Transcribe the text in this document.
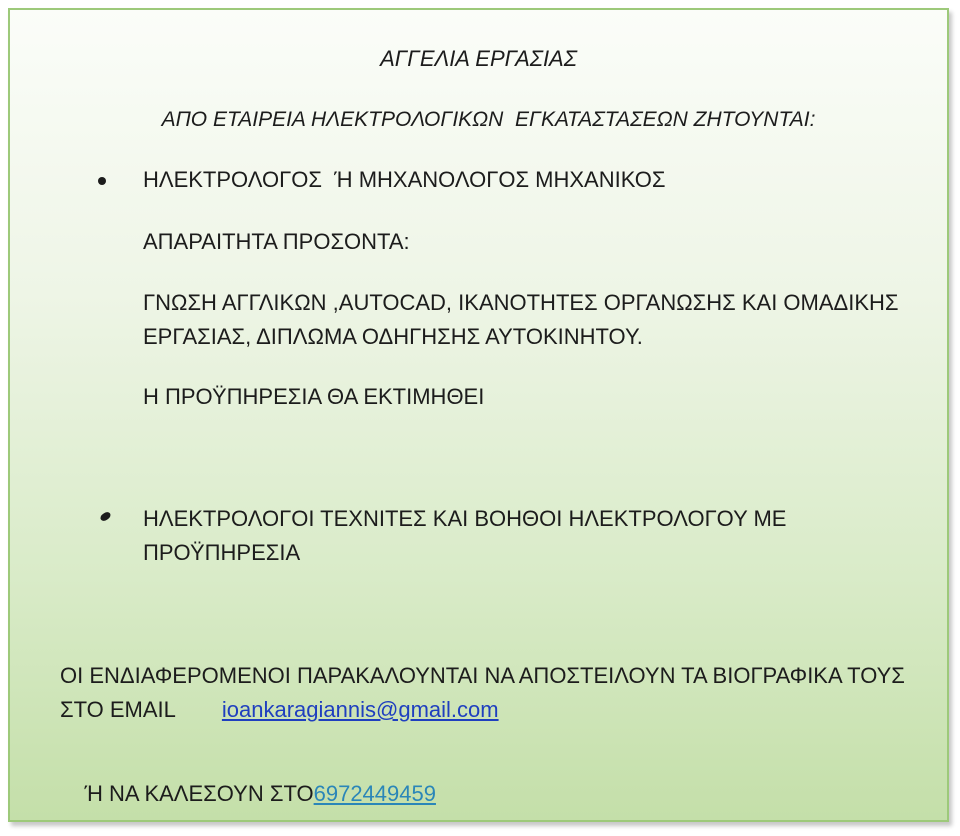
ΑΓΓΕΛΙΑ ΕΡΓΑΣΙΑΣ
ΑΠΟ ΕΤΑΙΡΕΙΑ ΗΛΕΚΤΡΟΛΟΓΙΚΩΝ  ΕΓΚΑΤΑΣΤΑΣΕΩΝ ΖΗΤΟΥΝΤΑΙ:
ΗΛΕΚΤΡΟΛΟΓΟΣ  Ή ΜΗΧΑΝΟΛΟΓΟΣ ΜΗΧΑΝΙΚΟΣ
ΑΠΑΡΑΙΤΗΤΑ ΠΡΟΣΟΝΤΑ:
ΓΝΩΣΗ ΑΓΓΛΙΚΩΝ ,AUTOCAD, ΙΚΑΝΟΤΗΤΕΣ ΟΡΓΑΝΩΣΗΣ ΚΑΙ ΟΜΑΔΙΚΗΣ ΕΡΓΑΣΙΑΣ, ΔΙΠΛΩΜΑ ΟΔΗΓΗΣΗΣ ΑΥΤΟΚΙΝΗΤΟΥ.
Η ΠΡΟΫΠΗΡΕΣΙΑ ΘΑ ΕΚΤΙΜΗΘΕΙ
ΗΛΕΚΤΡΟΛΟΓΟΙ ΤΕΧΝΙΤΕΣ ΚΑΙ ΒΟΗΘΟΙ ΗΛΕΚΤΡΟΛΟΓΟΥ ΜΕ ΠΡΟΫΠΗΡΕΣΙΑ
ΟΙ ΕΝΔΙΑΦΕΡΟΜΕΝΟΙ ΠΑΡΑΚΑΛΟΥΝΤΑΙ ΝΑ ΑΠΟΣΤΕΙΛΟΥΝ ΤΑ ΒΙΟΓΡΑΦΙΚΑ ΤΟΥΣ ΣΤΟ EMAIL ioankaragiannis@gmail.com

Ή ΝΑ ΚΑΛΕΣΟΥΝ ΣΤΟ6972449459
